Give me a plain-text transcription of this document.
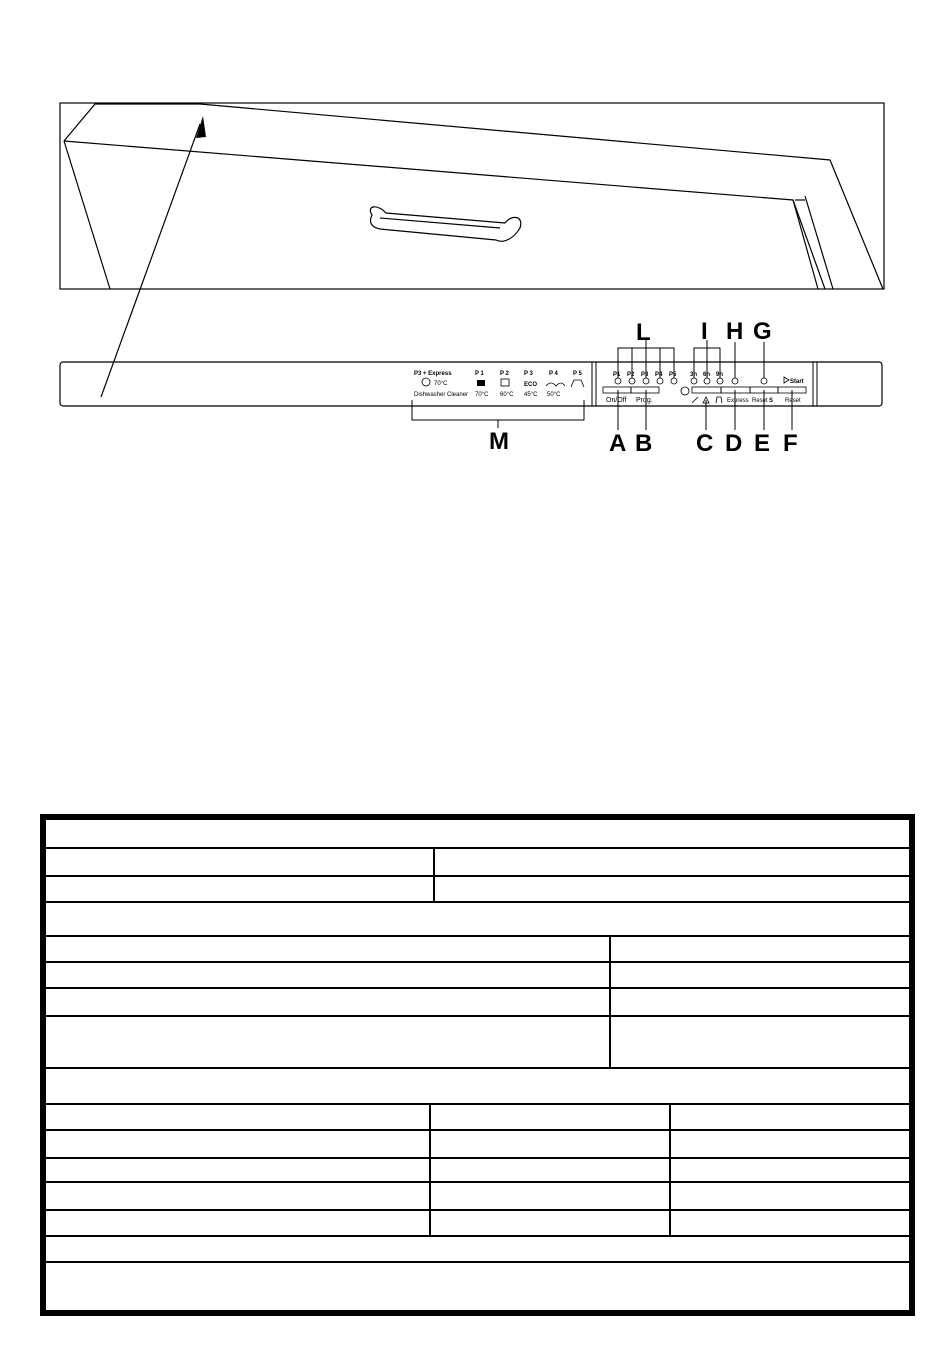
P3 + Express
70°C
Dishwasher Cleaner
P 1
70°C
P 2
60°C
P 3
ECO
45°C
P 4
50°C
P 5	P1 P2 P3 P4 P5
On/Off Prog.
3h 6h 9h
Express Reset S
Start
Reset
L I H G
M	A B C D E F
